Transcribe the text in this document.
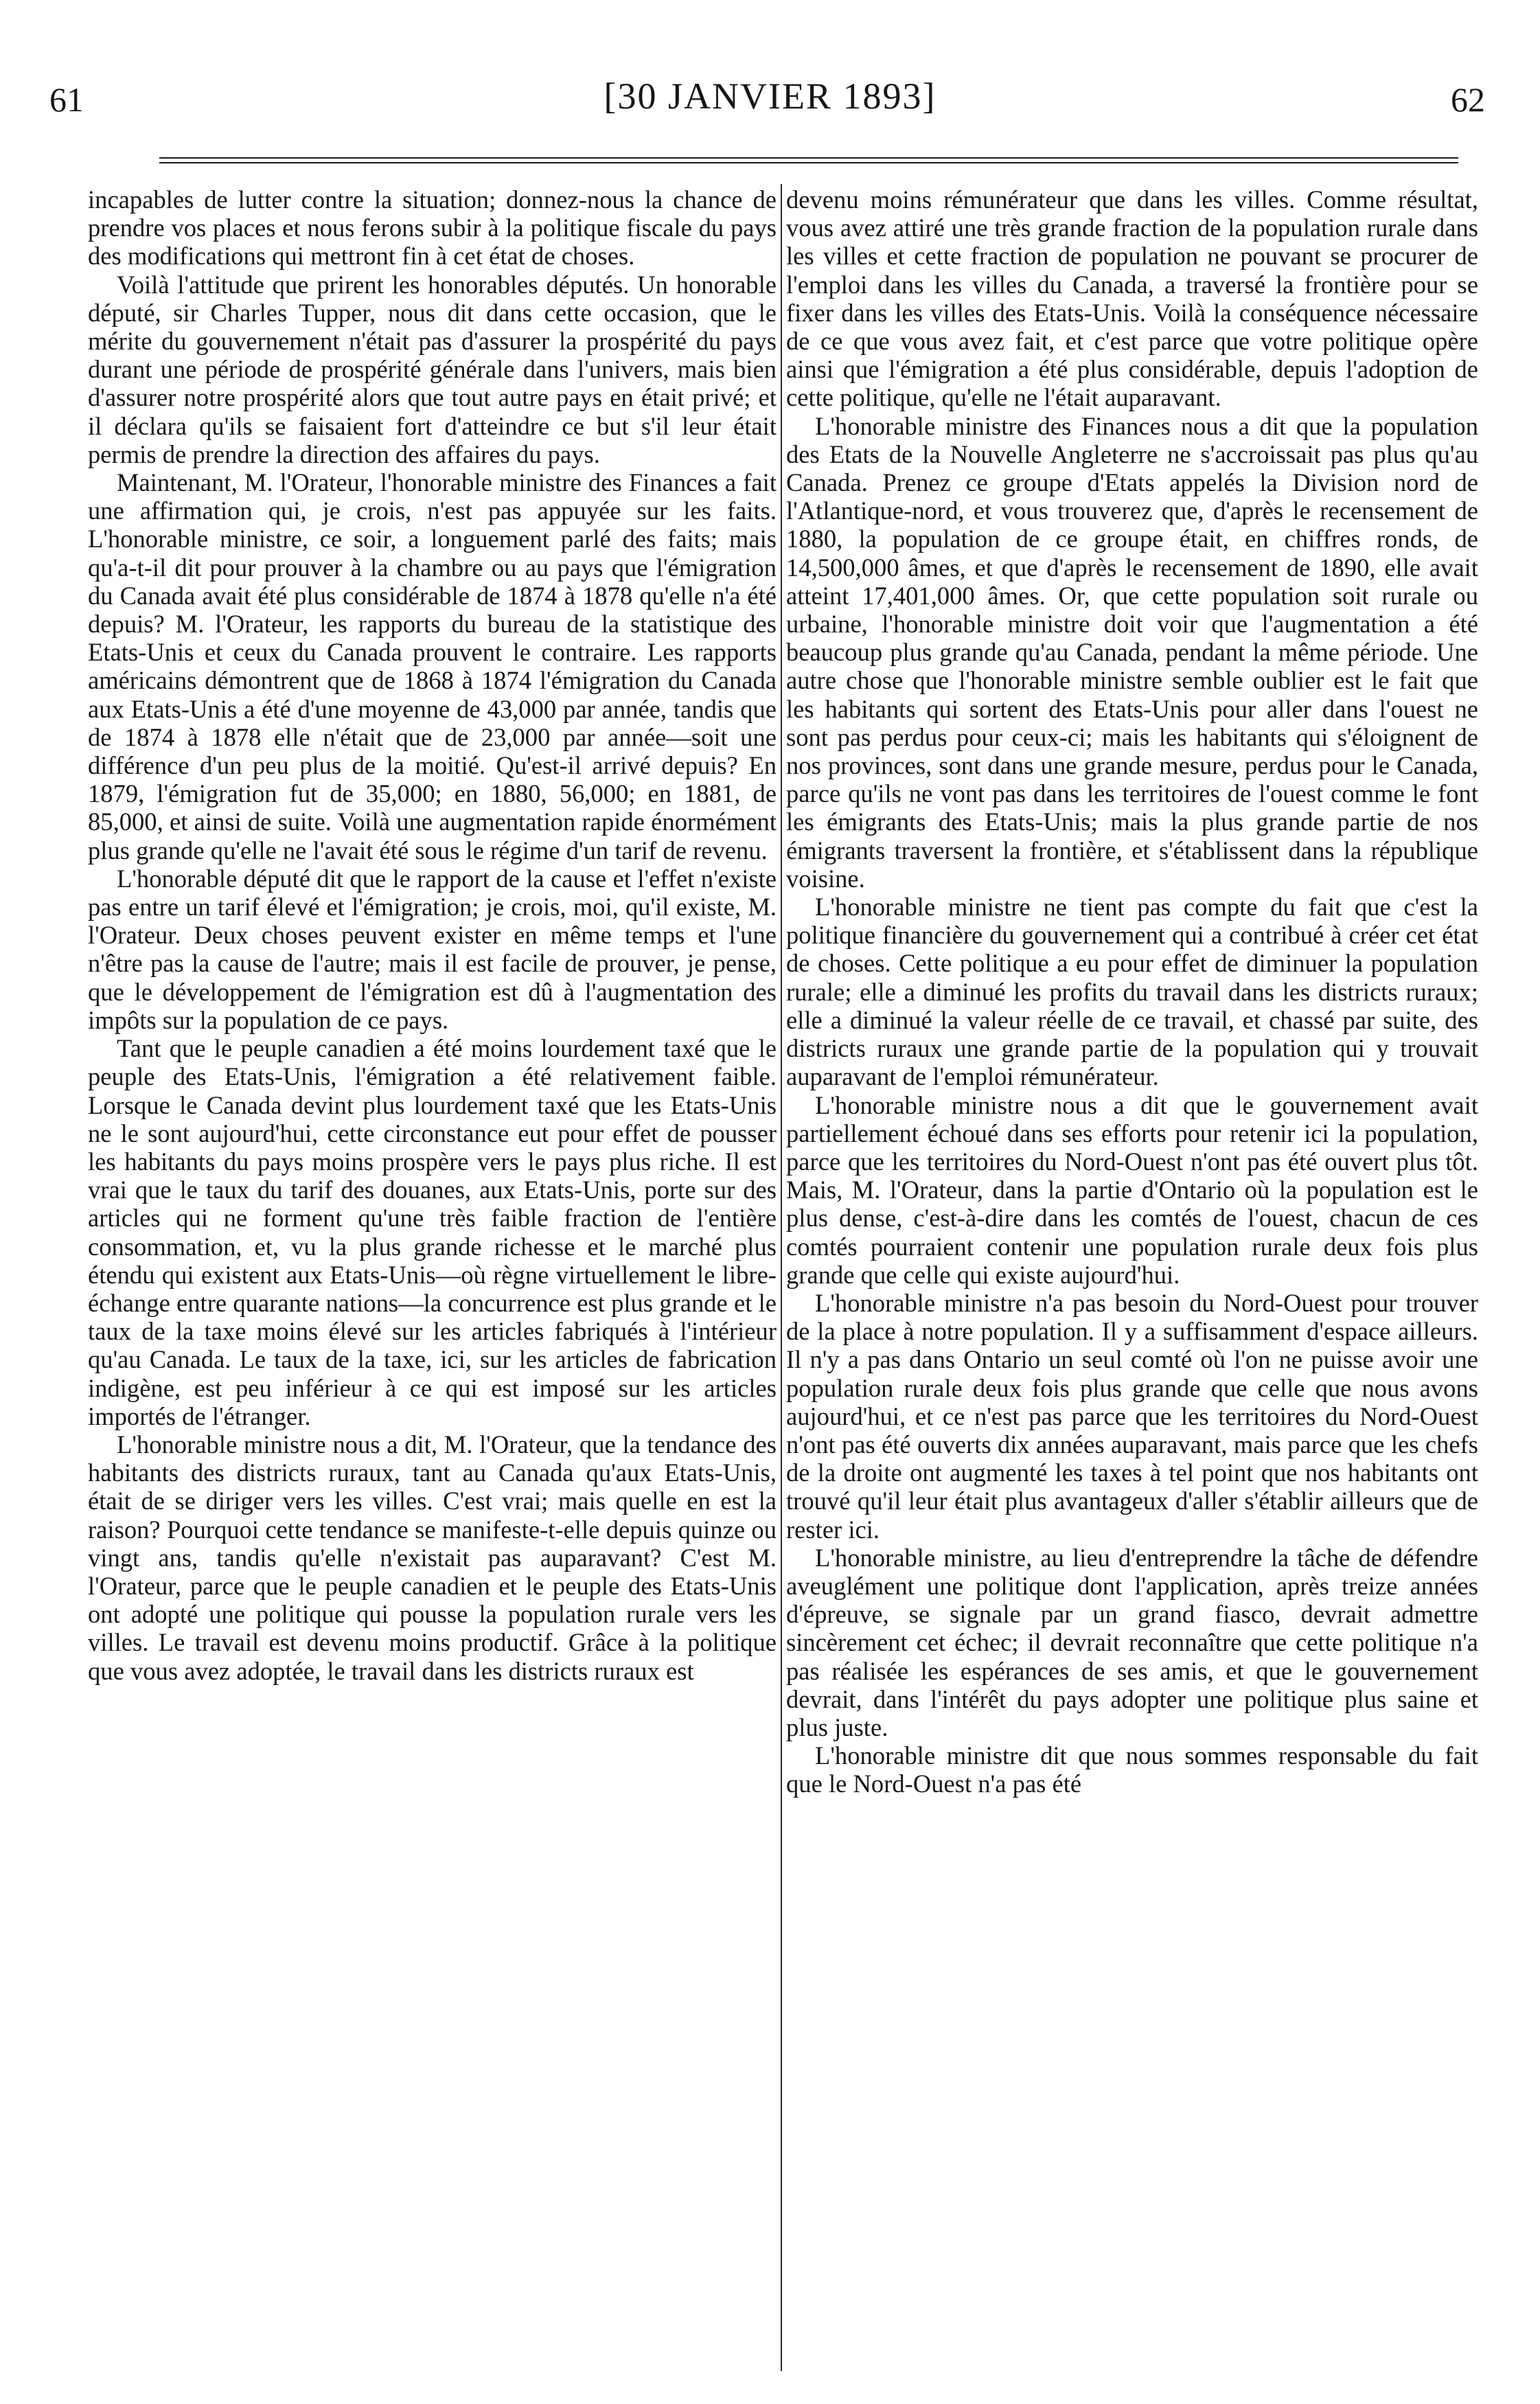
61	[30 JANVIER 1893]	62

incapables de lutter contre la situation; donnez-nous la chance de prendre vos places et nous ferons subir à la politique fiscale du pays des modifications qui mettront fin à cet état de choses.

Voilà l'attitude que prirent les honorables députés. Un honorable député, sir Charles Tupper, nous dit dans cette occasion, que le mérite du gouvernement n'était pas d'assurer la prospérité du pays durant une période de prospérité générale dans l'univers, mais bien d'assurer notre prospérité alors que tout autre pays en était privé; et il déclara qu'ils se faisaient fort d'atteindre ce but s'il leur était permis de prendre la direction des affaires du pays.

Maintenant, M. l'Orateur, l'honorable ministre des Finances a fait une affirmation qui, je crois, n'est pas appuyée sur les faits. L'honorable ministre, ce soir, a longuement parlé des faits; mais qu'a-t-il dit pour prouver à la chambre ou au pays que l'émigration du Canada avait été plus considérable de 1874 à 1878 qu'elle n'a été depuis? M. l'Orateur, les rapports du bureau de la statistique des Etats-Unis et ceux du Canada prouvent le contraire. Les rapports américains démontrent que de 1868 à 1874 l'émigration du Canada aux Etats-Unis a été d'une moyenne de 43,000 par année, tandis que de 1874 à 1878 elle n'était que de 23,000 par année—soit une différence d'un peu plus de la moitié. Qu'est-il arrivé depuis? En 1879, l'émigration fut de 35,000; en 1880, 56,000; en 1881, de 85,000, et ainsi de suite. Voilà une augmentation rapide énormément plus grande qu'elle ne l'avait été sous le régime d'un tarif de revenu.

L'honorable député dit que le rapport de la cause et l'effet n'existe pas entre un tarif élevé et l'émigration; je crois, moi, qu'il existe, M. l'Orateur. Deux choses peuvent exister en même temps et l'une n'être pas la cause de l'autre; mais il est facile de prouver, je pense, que le développement de l'émigration est dû à l'augmentation des impôts sur la population de ce pays.

Tant que le peuple canadien a été moins lourdement taxé que le peuple des Etats-Unis, l'émigration a été relativement faible. Lorsque le Canada devint plus lourdement taxé que les Etats-Unis ne le sont aujourd'hui, cette circonstance eut pour effet de pousser les habitants du pays moins prospère vers le pays plus riche. Il est vrai que le taux du tarif des douanes, aux Etats-Unis, porte sur des articles qui ne forment qu'une très faible fraction de l'entière consommation, et, vu la plus grande richesse et le marché plus étendu qui existent aux Etats-Unis—où règne virtuellement le libre-échange entre quarante nations—la concurrence est plus grande et le taux de la taxe moins élevé sur les articles fabriqués à l'intérieur qu'au Canada. Le taux de la taxe, ici, sur les articles de fabrication indigène, est peu inférieur à ce qui est imposé sur les articles importés de l'étranger.

L'honorable ministre nous a dit, M. l'Orateur, que la tendance des habitants des districts ruraux, tant au Canada qu'aux Etats-Unis, était de se diriger vers les villes. C'est vrai; mais quelle en est la raison? Pourquoi cette tendance se manifeste-t-elle depuis quinze ou vingt ans, tandis qu'elle n'existait pas auparavant? C'est M. l'Orateur, parce que le peuple canadien et le peuple des Etats-Unis ont adopté une politique qui pousse la population rurale vers les villes. Le travail est devenu moins productif. Grâce à la politique que vous avez adoptée, le travail dans les districts ruraux est

devenu moins rémunérateur que dans les villes. Comme résultat, vous avez attiré une très grande fraction de la population rurale dans les villes et cette fraction de population ne pouvant se procurer de l'emploi dans les villes du Canada, a traversé la frontière pour se fixer dans les villes des Etats-Unis. Voilà la conséquence nécessaire de ce que vous avez fait, et c'est parce que votre politique opère ainsi que l'émigration a été plus considérable, depuis l'adoption de cette politique, qu'elle ne l'était auparavant.

L'honorable ministre des Finances nous a dit que la population des Etats de la Nouvelle Angleterre ne s'accroissait pas plus qu'au Canada. Prenez ce groupe d'Etats appelés la Division nord de l'Atlantique-nord, et vous trouverez que, d'après le recensement de 1880, la population de ce groupe était, en chiffres ronds, de 14,500,000 âmes, et que d'après le recensement de 1890, elle avait atteint 17,401,000 âmes. Or, que cette population soit rurale ou urbaine, l'honorable ministre doit voir que l'augmentation a été beaucoup plus grande qu'au Canada, pendant la même période. Une autre chose que l'honorable ministre semble oublier est le fait que les habitants qui sortent des Etats-Unis pour aller dans l'ouest ne sont pas perdus pour ceux-ci; mais les habitants qui s'éloignent de nos provinces, sont dans une grande mesure, perdus pour le Canada, parce qu'ils ne vont pas dans les territoires de l'ouest comme le font les émigrants des Etats-Unis; mais la plus grande partie de nos émigrants traversent la frontière, et s'établissent dans la république voisine.

L'honorable ministre ne tient pas compte du fait que c'est la politique financière du gouvernement qui a contribué à créer cet état de choses. Cette politique a eu pour effet de diminuer la population rurale; elle a diminué les profits du travail dans les districts ruraux; elle a diminué la valeur réelle de ce travail, et chassé par suite, des districts ruraux une grande partie de la population qui y trouvait auparavant de l'emploi rémunérateur.

L'honorable ministre nous a dit que le gouvernement avait partiellement échoué dans ses efforts pour retenir ici la population, parce que les territoires du Nord-Ouest n'ont pas été ouvert plus tôt. Mais, M. l'Orateur, dans la partie d'Ontario où la population est le plus dense, c'est-à-dire dans les comtés de l'ouest, chacun de ces comtés pourraient contenir une population rurale deux fois plus grande que celle qui existe aujourd'hui.

L'honorable ministre n'a pas besoin du Nord-Ouest pour trouver de la place à notre population. Il y a suffisamment d'espace ailleurs. Il n'y a pas dans Ontario un seul comté où l'on ne puisse avoir une population rurale deux fois plus grande que celle que nous avons aujourd'hui, et ce n'est pas parce que les territoires du Nord-Ouest n'ont pas été ouverts dix années auparavant, mais parce que les chefs de la droite ont augmenté les taxes à tel point que nos habitants ont trouvé qu'il leur était plus avantageux d'aller s'établir ailleurs que de rester ici.

L'honorable ministre, au lieu d'entreprendre la tâche de défendre aveuglément une politique dont l'application, après treize années d'épreuve, se signale par un grand fiasco, devrait admettre sincèrement cet échec; il devrait reconnaître que cette politique n'a pas réalisée les espérances de ses amis, et que le gouvernement devrait, dans l'intérêt du pays adopter une politique plus saine et plus juste.

L'honorable ministre dit que nous sommes responsable du fait que le Nord-Ouest n'a pas été
